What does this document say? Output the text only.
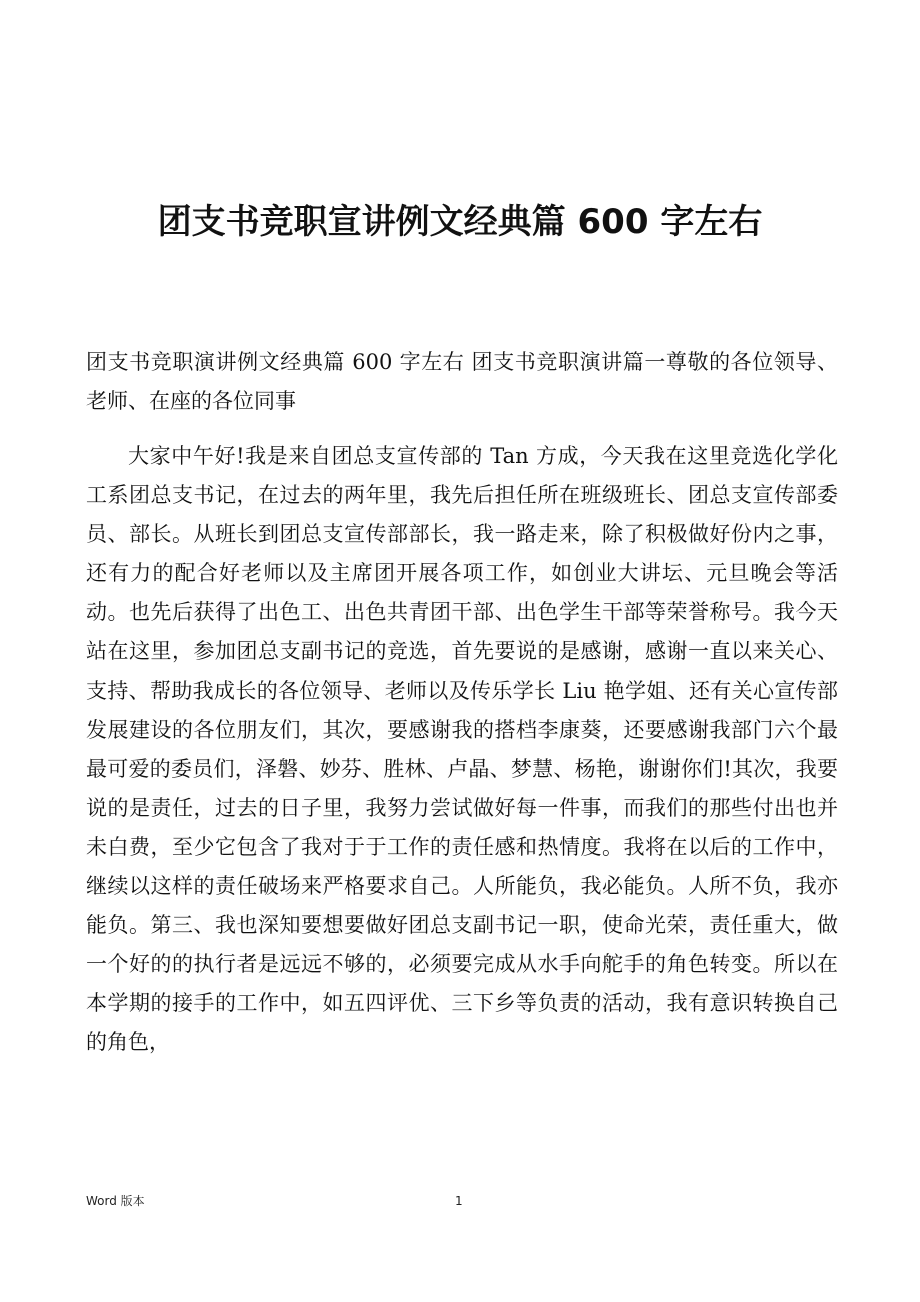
团支书竞职宣讲例文经典篇 600 字左右

团支书竞职演讲例文经典篇 600 字左右 团支书竞职演讲篇一尊敬的各位领导、老师、在座的各位同事

大家中午好!我是来自团总支宣传部的 Tan 方成，今天我在这里竞选化学化工系团总支书记，在过去的两年里，我先后担任所在班级班长、团总支宣传部委员、部长。从班长到团总支宣传部部长，我一路走来，除了积极做好份内之事，还有力的配合好老师以及主席团开展各项工作，如创业大讲坛、元旦晚会等活动。也先后获得了出色工、出色共青团干部、出色学生干部等荣誉称号。我今天站在这里，参加团总支副书记的竞选，首先要说的是感谢，感谢一直以来关心、支持、帮助我成长的各位领导、老师以及传乐学长 Liu 艳学姐、还有关心宣传部发展建设的各位朋友们，其次，要感谢我的搭档李康葵，还要感谢我部门六个最最可爱的委员们，泽磐、妙芬、胜林、卢晶、梦慧、杨艳，谢谢你们!其次，我要说的是责任，过去的日子里，我努力尝试做好每一件事，而我们的那些付出也并未白费，至少它包含了我对于于工作的责任感和热情度。我将在以后的工作中，继续以这样的责任破场来严格要求自己。人所能负，我必能负。人所不负，我亦能负。第三、我也深知要想要做好团总支副书记一职，使命光荣，责任重大，做一个好的的执行者是远远不够的，必须要完成从水手向舵手的角色转变。所以在本学期的接手的工作中，如五四评优、三下乡等负责的活动，我有意识转换自己的角色，

Word 版本	1
